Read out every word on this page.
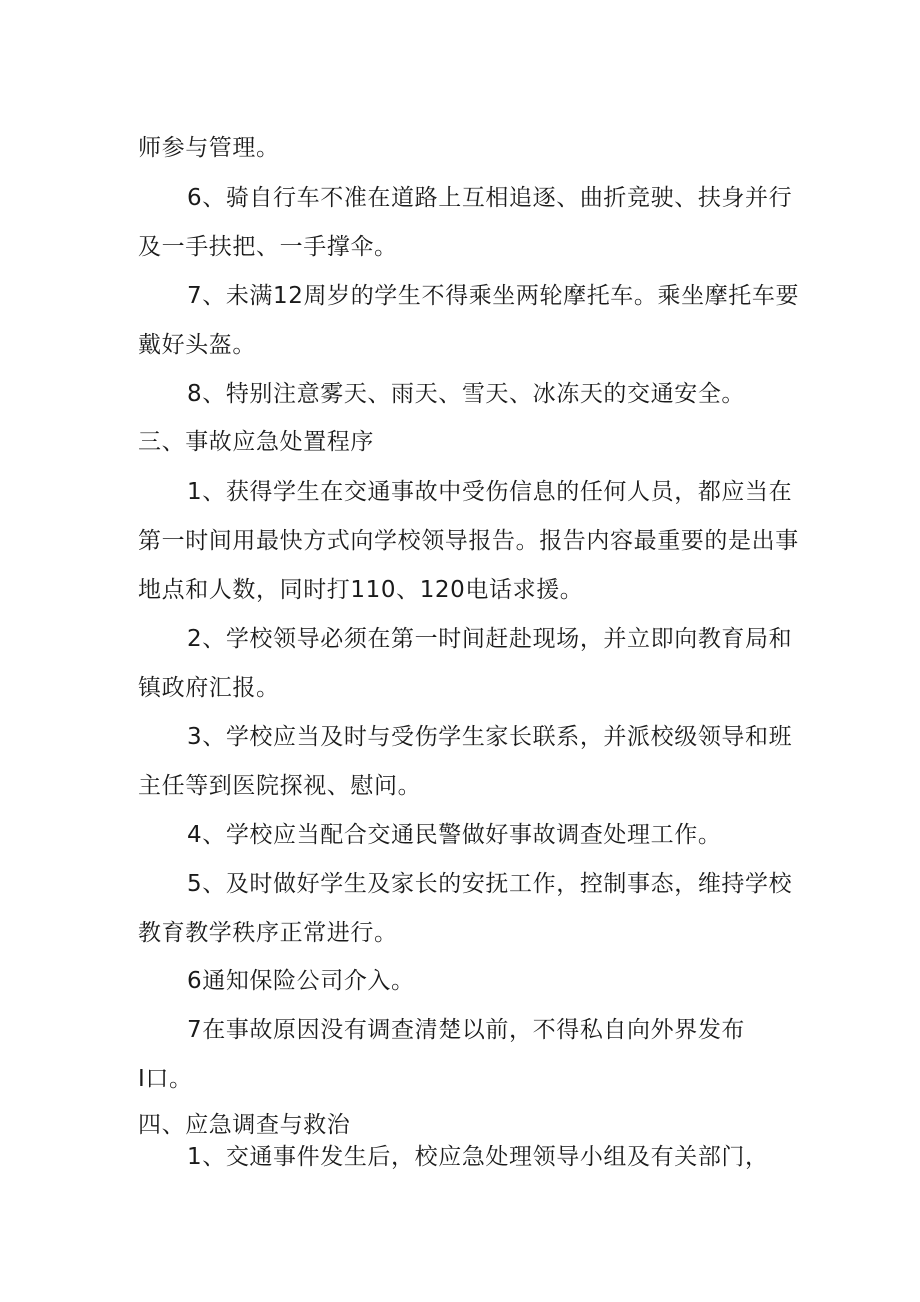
师参与管理。
6、骑自行车不准在道路上互相追逐、曲折竞驶、扶身并行
及一手扶把、一手撑伞。
7、未满12周岁的学生不得乘坐两轮摩托车。乘坐摩托车要
戴好头盔。
8、特别注意雾天、雨天、雪天、冰冻天的交通安全。
三、事故应急处置程序
1、获得学生在交通事故中受伤信息的任何人员，都应当在
第一时间用最快方式向学校领导报告。报告内容最重要的是出事
地点和人数，同时打110、120电话求援。
2、学校领导必须在第一时间赶赴现场，并立即向教育局和
镇政府汇报。
3、学校应当及时与受伤学生家长联系，并派校级领导和班
主任等到医院探视、慰问。
4、学校应当配合交通民警做好事故调查处理工作。
5、及时做好学生及家长的安抚工作，控制事态，维持学校
教育教学秩序正常进行。
6通知保险公司介入。
7在事故原因没有调查清楚以前，不得私自向外界发布
I口。
四、应急调查与救治
1、交通事件发生后，校应急处理领导小组及有关部门，
